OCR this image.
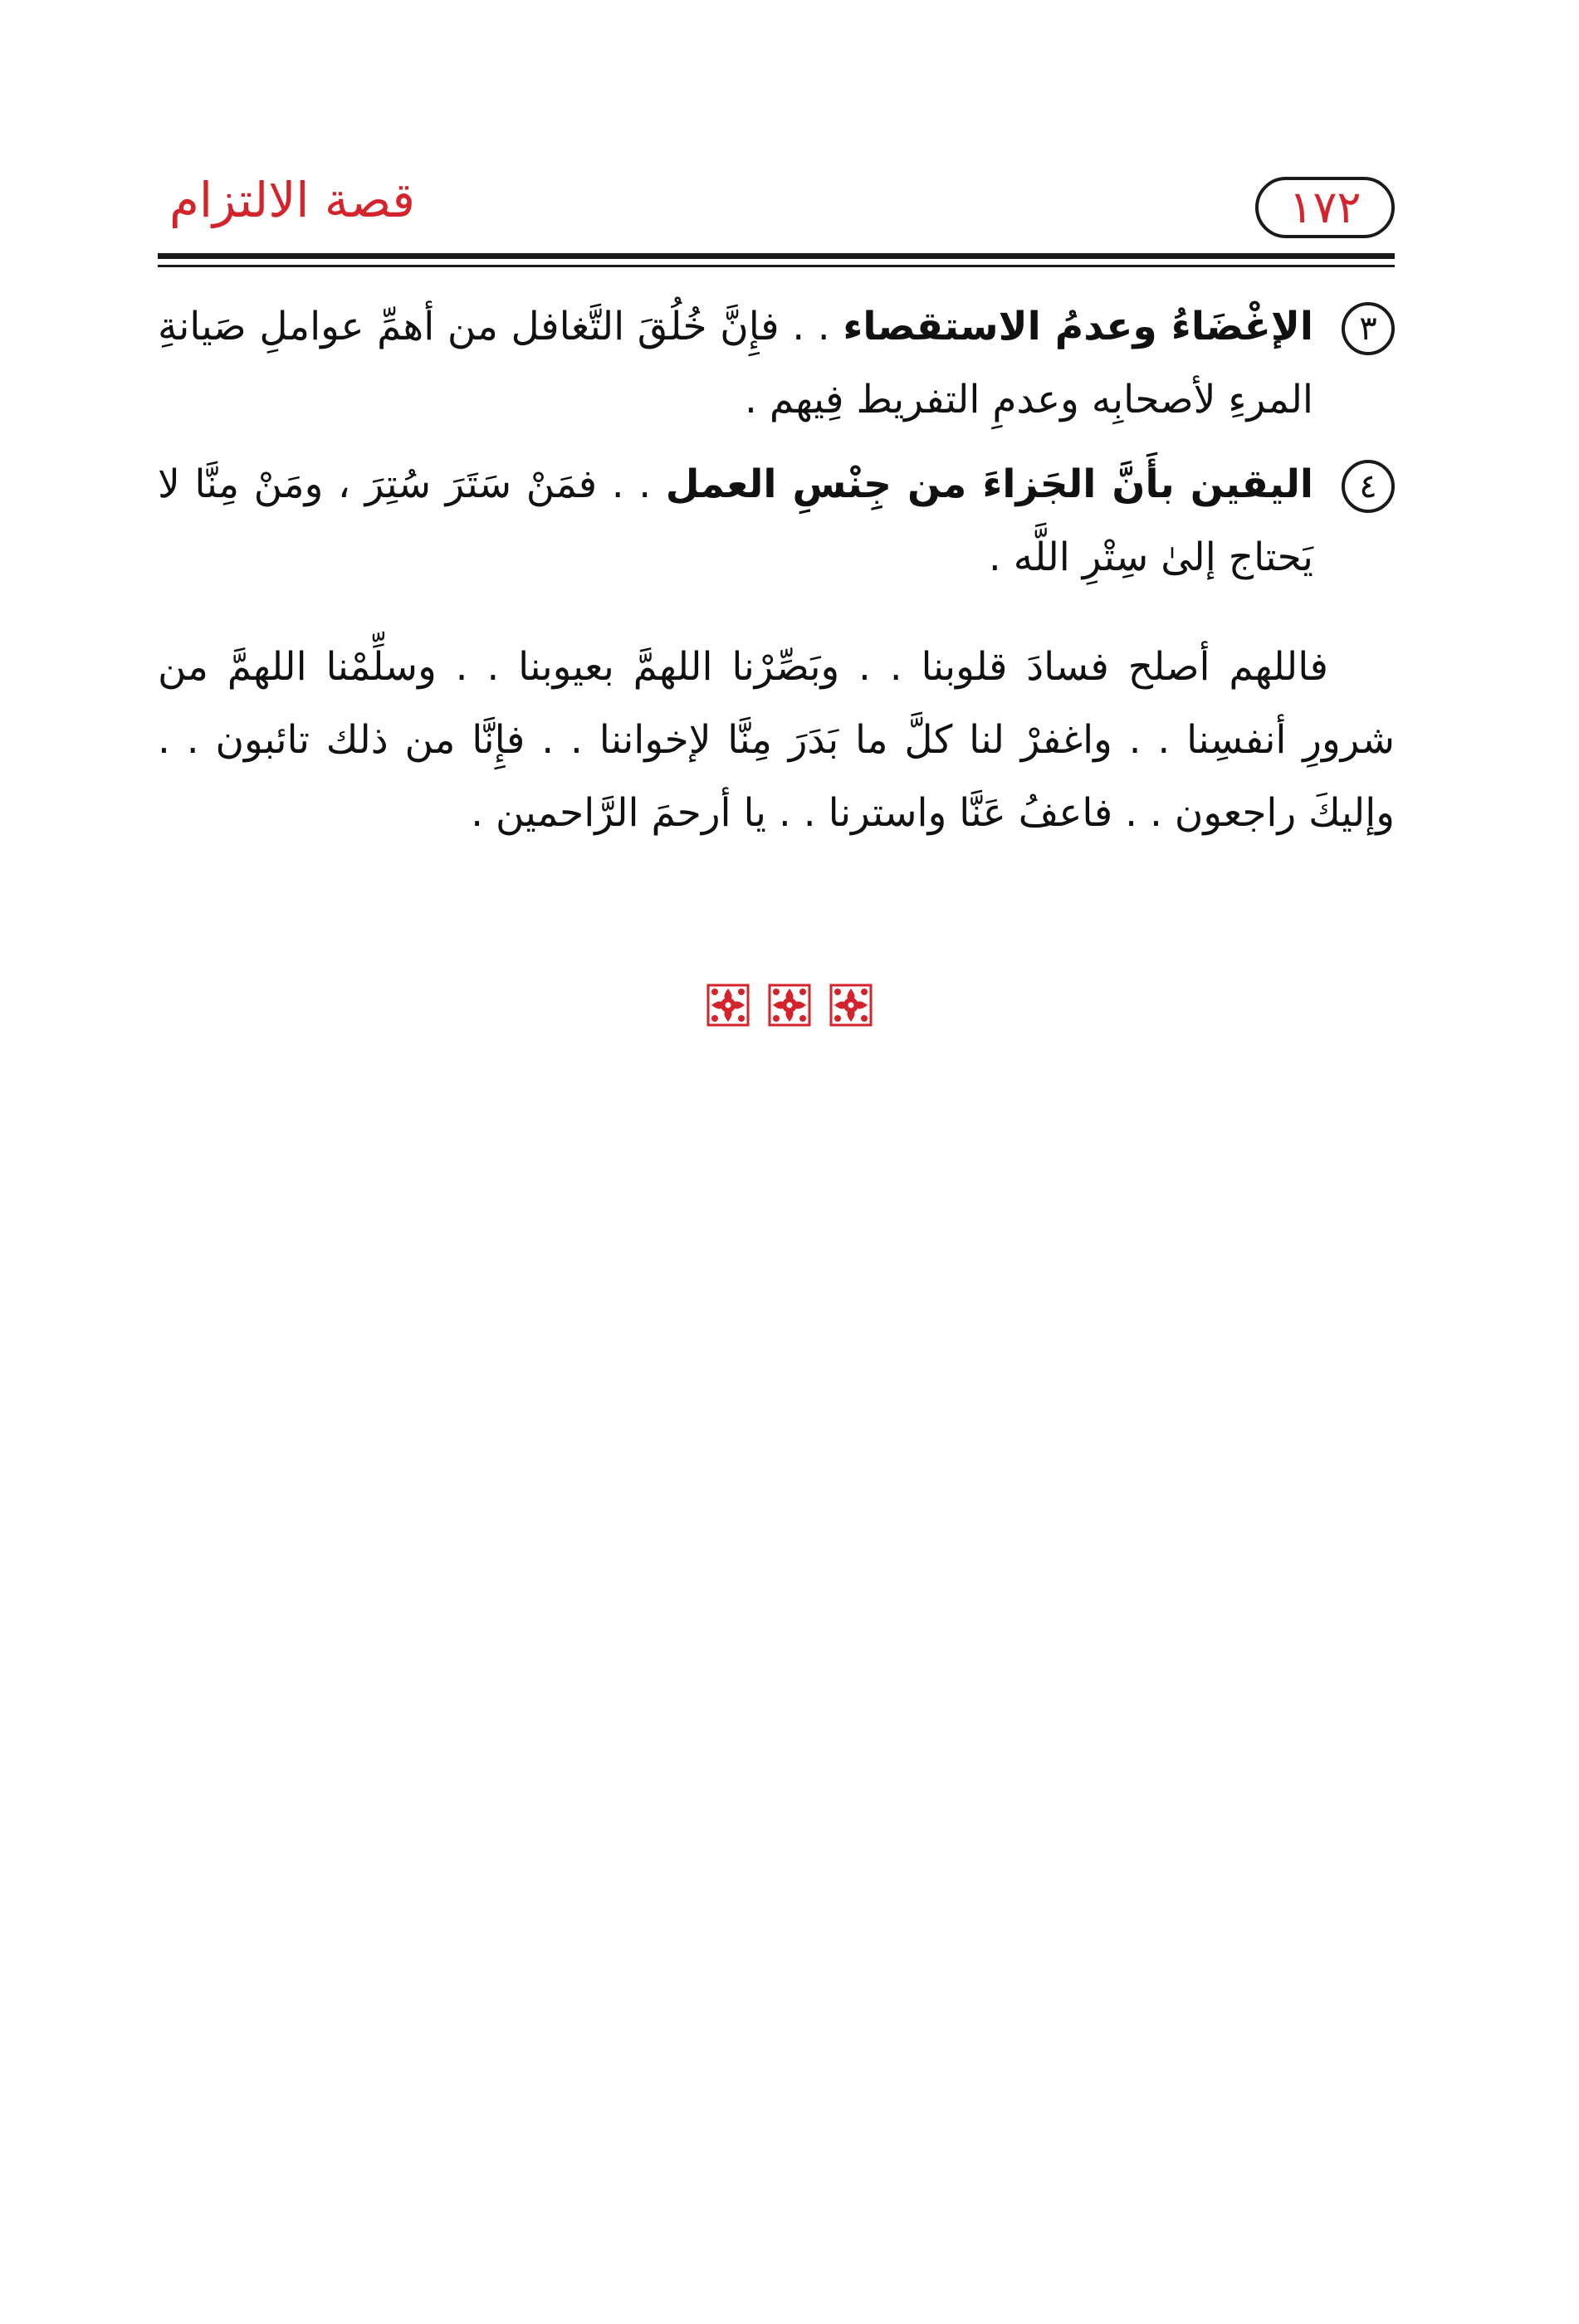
١٧٢
قصة الالتزام
٣
الإغْضَاءُ وعدمُ الاستقصاء . . فإِنَّ خُلُقَ التَّغافل من أهمِّ عواملِ صَيانةِ المرءِ لأصحابِه وعدمِ التفريط فِيهم .
٤
اليقين بأَنَّ الجَزاءَ من جِنْسِ العمل . . فمَنْ سَتَرَ سُتِرَ ، ومَنْ مِنَّا لا يَحتاج إلىٰ سِتْرِ اللَّه .

فاللهم أصلح فسادَ قلوبنا . . وبَصِّرْنا اللهمَّ بعيوبنا . . وسلِّمْنا اللهمَّ من شرورِ أنفسِنا . . واغفرْ لنا كلَّ ما بَدَرَ مِنَّا لإخواننا . . فإِنَّا من ذلك تائبون . . وإليكَ راجعون . . فاعفُ عَنَّا واسترنا . . يا أرحمَ الرَّاحمين .
